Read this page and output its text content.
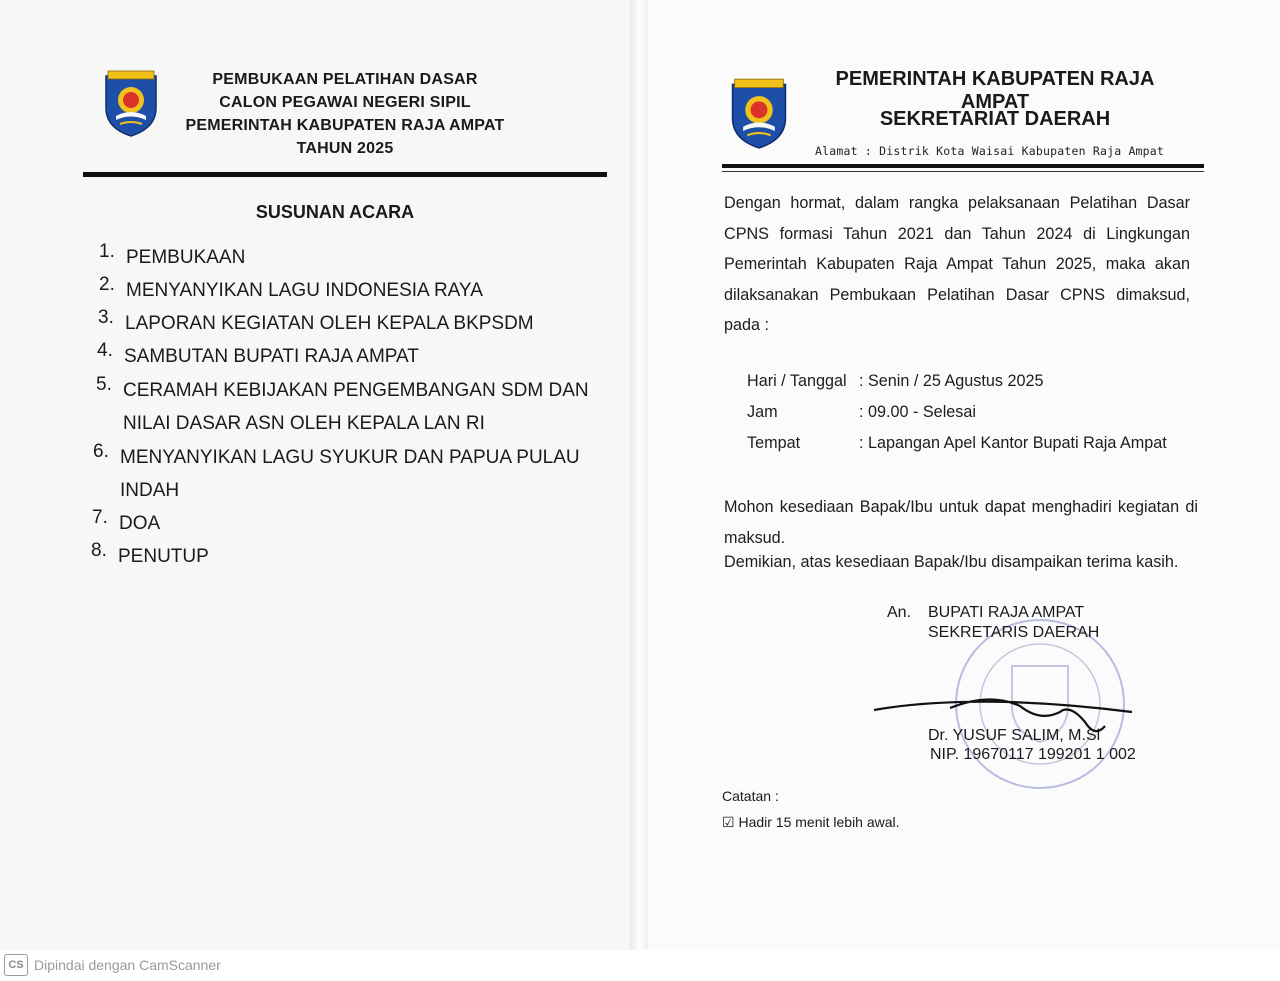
PEMBUKAAN PELATIHAN DASAR
CALON PEGAWAI NEGERI SIPIL
PEMERINTAH KABUPATEN RAJA AMPAT
TAHUN 2025
SUSUNAN ACARA
1. PEMBUKAAN
2. MENYANYIKAN LAGU INDONESIA RAYA
3. LAPORAN KEGIATAN OLEH KEPALA BKPSDM
4. SAMBUTAN BUPATI RAJA AMPAT
5. CERAMAH KEBIJAKAN PENGEMBANGAN SDM DAN NILAI DASAR ASN OLEH KEPALA LAN RI
6. MENYANYIKAN LAGU SYUKUR DAN PAPUA PULAU INDAH
7. DOA
8. PENUTUP
PEMERINTAH KABUPATEN RAJA AMPAT
SEKRETARIAT DAERAH
Alamat : Distrik Kota Waisai Kabupaten Raja Ampat
Dengan hormat, dalam rangka pelaksanaan Pelatihan Dasar CPNS formasi Tahun 2021 dan Tahun 2024 di Lingkungan Pemerintah Kabupaten Raja Ampat Tahun 2025, maka akan dilaksanakan Pembukaan Pelatihan Dasar CPNS dimaksud, pada :
Hari / Tanggal : Senin / 25 Agustus 2025
Jam	: 09.00 - Selesai
Tempat	: Lapangan Apel Kantor Bupati Raja Ampat
Mohon kesediaan Bapak/Ibu untuk dapat menghadiri kegiatan di maksud.
Demikian, atas kesediaan Bapak/Ibu disampaikan terima kasih.
An. BUPATI RAJA AMPAT
SEKRETARIS DAERAH
Dr. YUSUF SALIM, M.Si
NIP. 19670117 199201 1 002
Catatan :
☑ Hadir 15 menit lebih awal.
CS Dipindai dengan CamScanner
